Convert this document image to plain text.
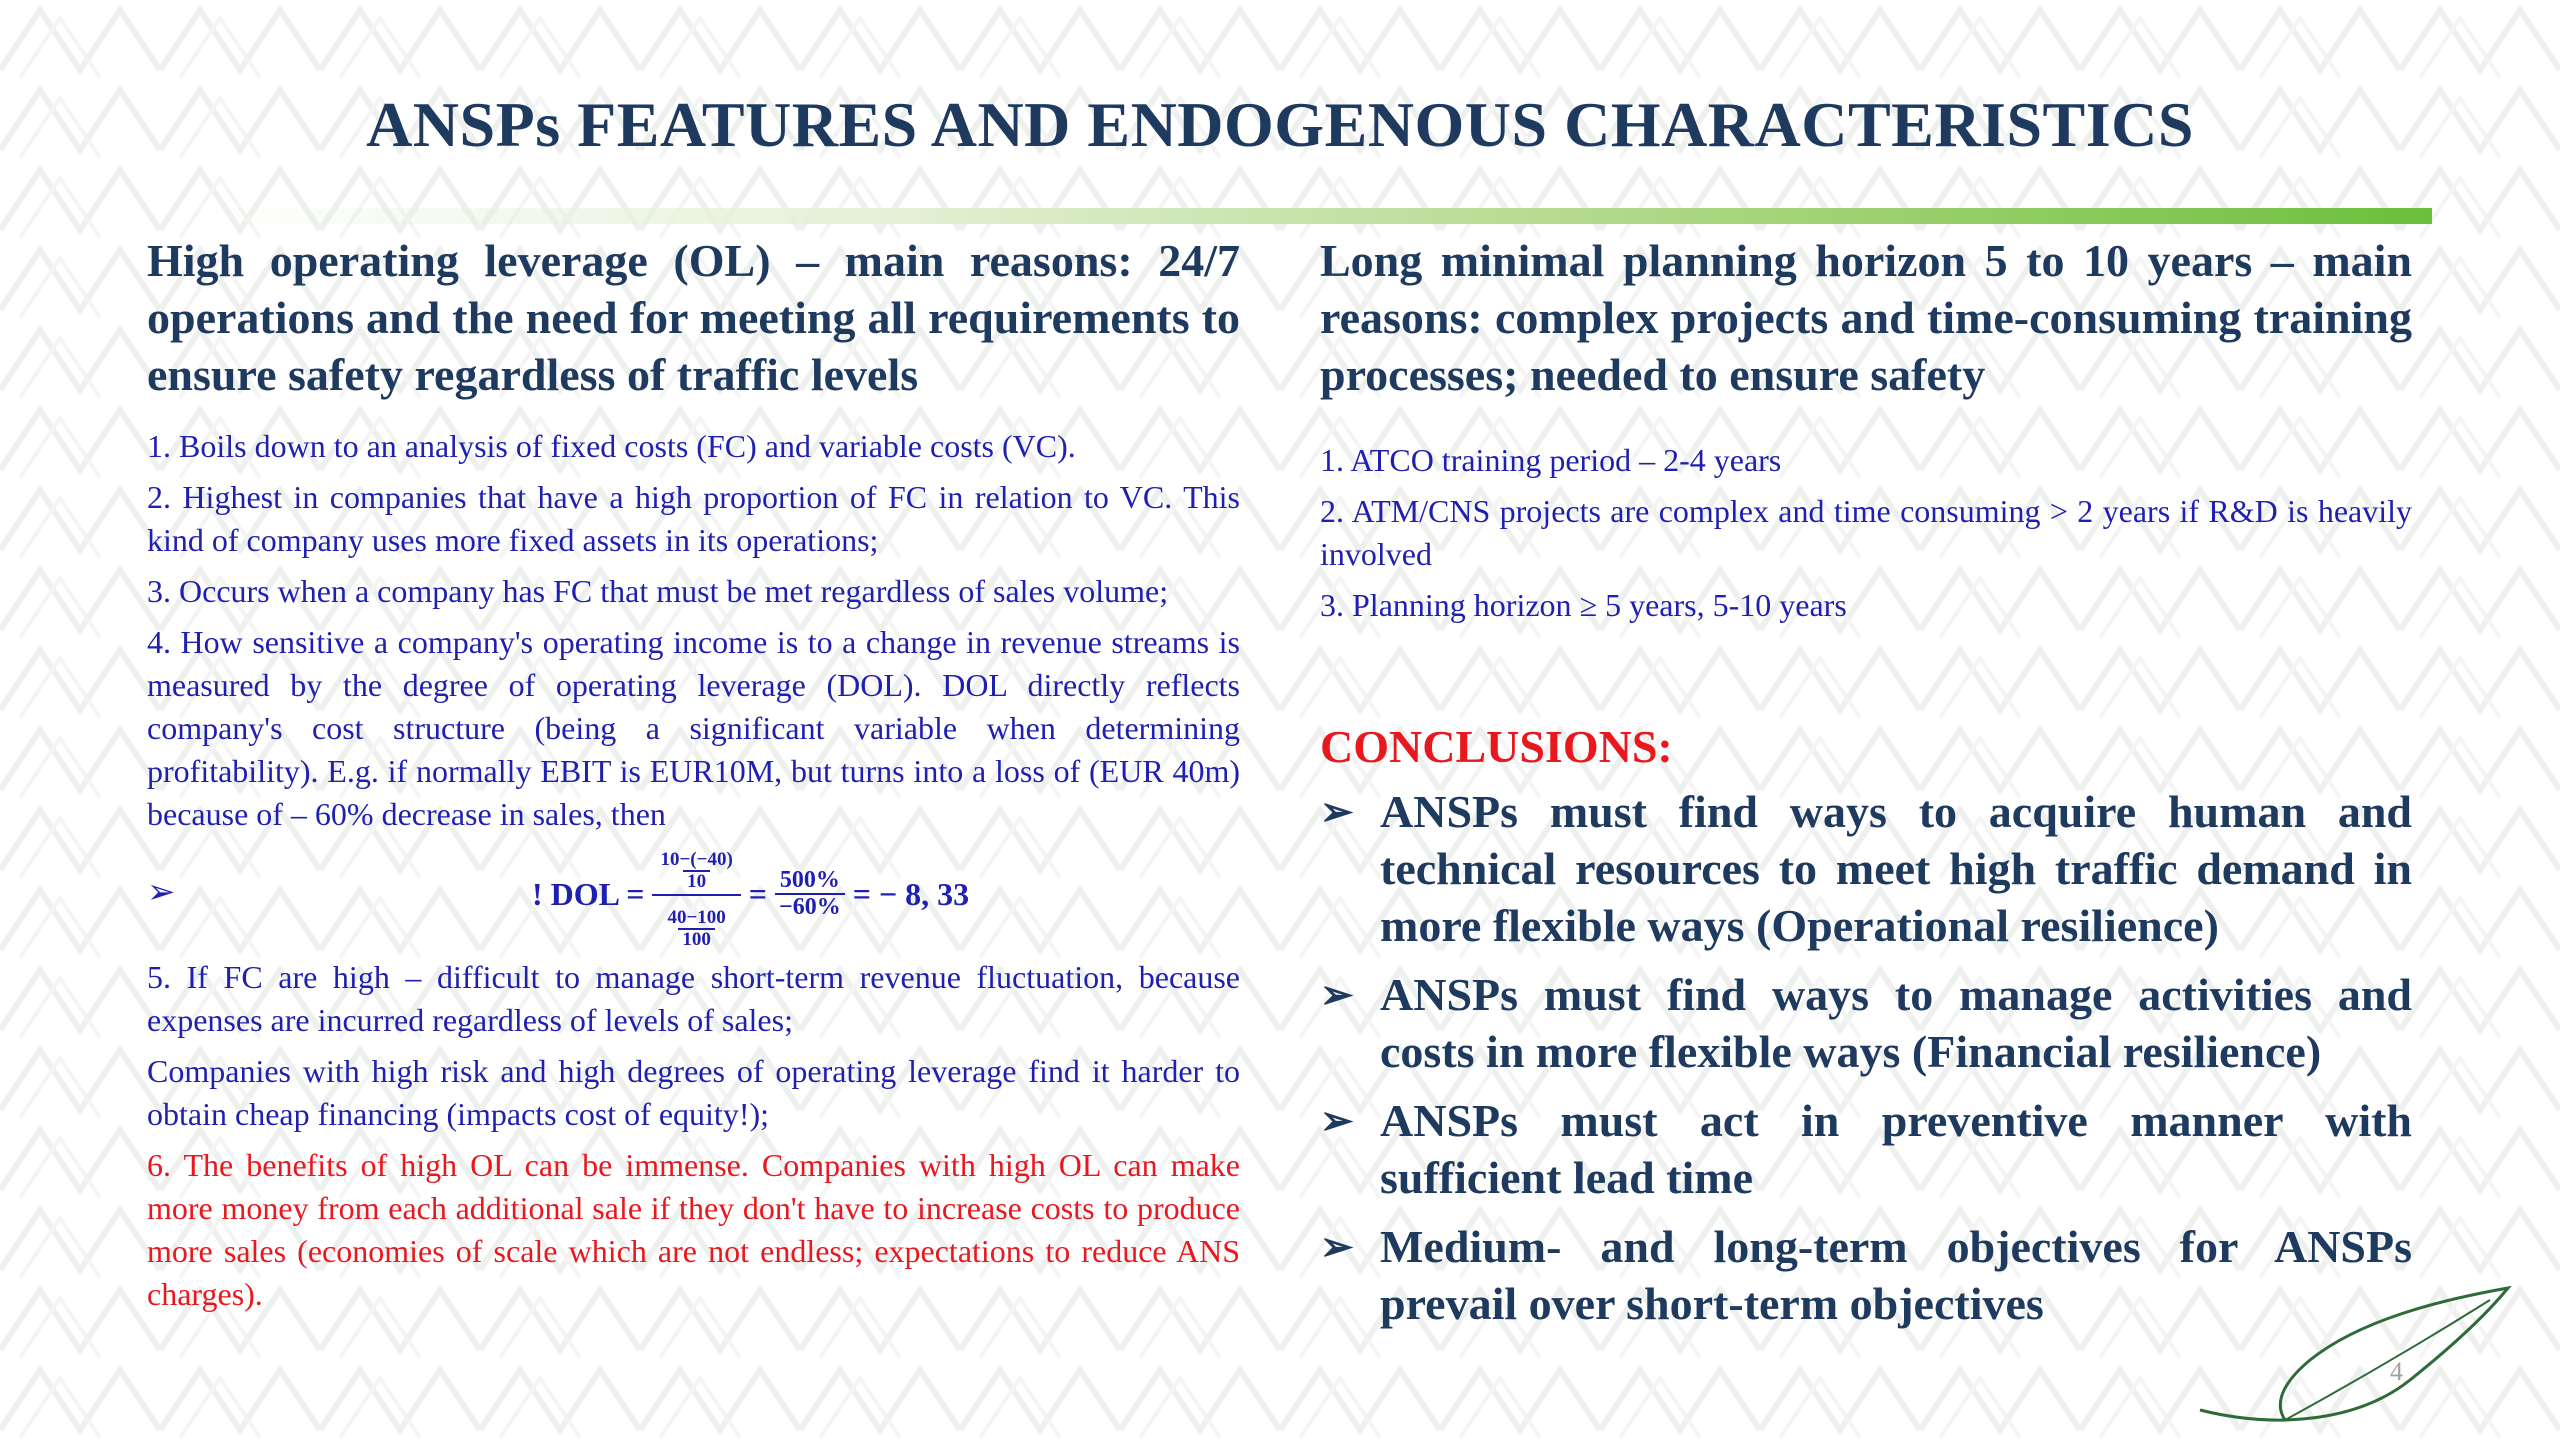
ANSPs FEATURES AND ENDOGENOUS CHARACTERISTICS

High operating leverage (OL) – main reasons: 24/7 operations and the need for meeting all requirements to ensure safety regardless of traffic levels

1. Boils down to an analysis of fixed costs (FC) and variable costs (VC).

2. Highest in companies that have a high proportion of FC in relation to VC. This kind of company uses more fixed assets in its operations;

3. Occurs when a company has FC that must be met regardless of sales volume;

4. How sensitive a company's operating income is to a change in revenue streams is measured by the degree of operating leverage (DOL). DOL directly reflects company's cost structure (being a significant variable when determining profitability). E.g. if normally EBIT is EUR10M, but turns into a loss of (EUR 40m) because of – 60% decrease in sales, then

➢	! DOL = $\frac{\frac{10-(-40)}{10}}{\frac{40-100}{100}} = \frac{500\%}{-60\%}$ = − 8, 33

5. If FC are high – difficult to manage short-term revenue fluctuation, because expenses are incurred regardless of levels of sales;

Companies with high risk and high degrees of operating leverage find it harder to obtain cheap financing (impacts cost of equity!);

6. The benefits of high OL can be immense. Companies with high OL can make more money from each additional sale if they don't have to increase costs to produce more sales (economies of scale which are not endless; expectations to reduce ANS charges).

Long minimal planning horizon 5 to 10 years – main reasons: complex projects and time-consuming training processes; needed to ensure safety

1. ATCO training period – 2-4 years

2. ATM/CNS projects are complex and time consuming > 2 years if R&D is heavily involved

3. Planning horizon ≥ 5 years, 5-10 years

CONCLUSIONS:
➢ ANSPs must find ways to acquire human and technical resources to meet high traffic demand in more flexible ways (Operational resilience)
➢ ANSPs must find ways to manage activities and costs in more flexible ways (Financial resilience)
➢ ANSPs must act in preventive manner with sufficient lead time
➢ Medium- and long-term objectives for ANSPs prevail over short-term objectives
4
